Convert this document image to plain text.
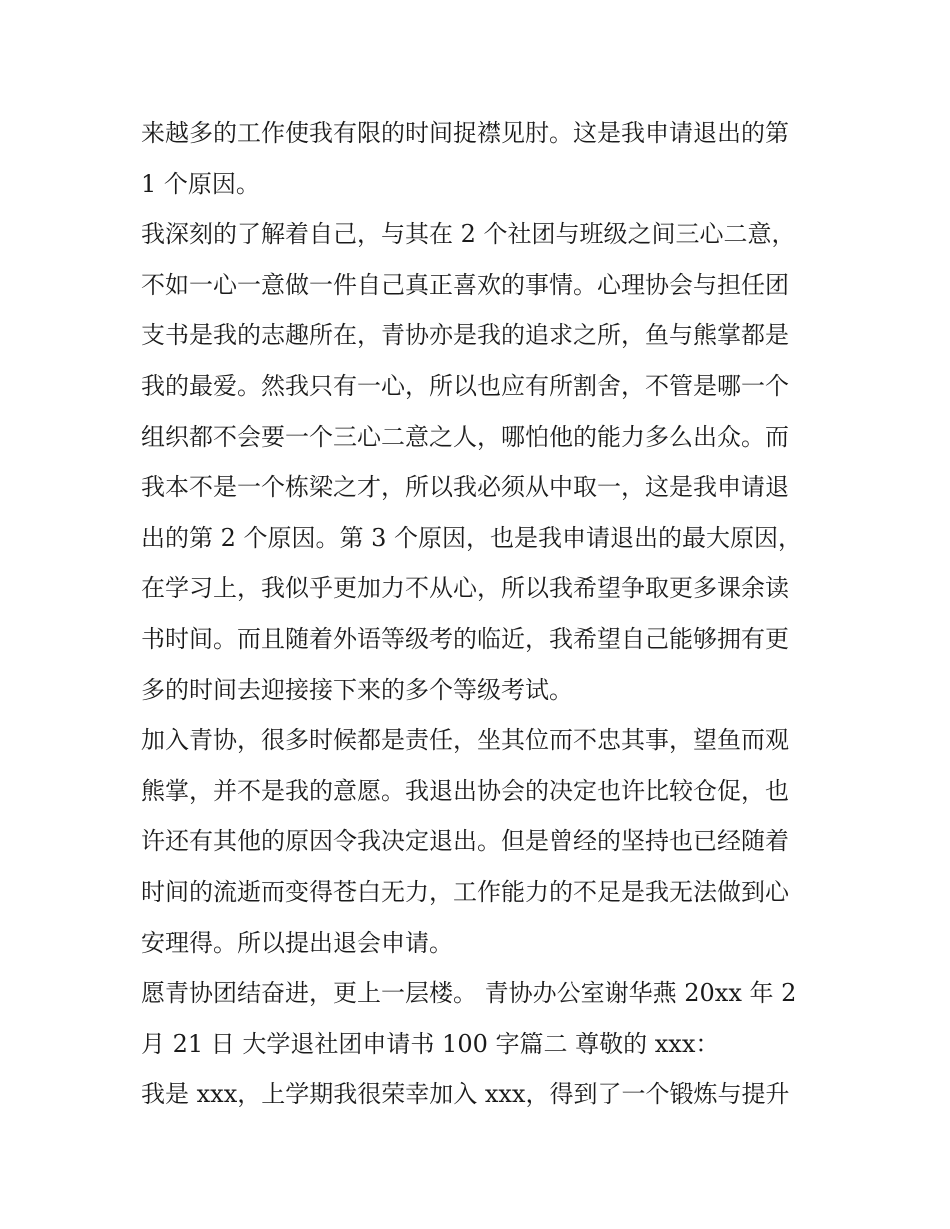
来越多的工作使我有限的时间捉襟见肘。这是我申请退出的第
1 个原因。
我深刻的了解着自己，与其在 2 个社团与班级之间三心二意，
不如一心一意做一件自己真正喜欢的事情。心理协会与担任团
支书是我的志趣所在，青协亦是我的追求之所，鱼与熊掌都是
我的最爱。然我只有一心，所以也应有所割舍，不管是哪一个
组织都不会要一个三心二意之人，哪怕他的能力多么出众。而
我本不是一个栋梁之才，所以我必须从中取一，这是我申请退
出的第 2 个原因。第 3 个原因，也是我申请退出的最大原因，
在学习上，我似乎更加力不从心，所以我希望争取更多课余读
书时间。而且随着外语等级考的临近，我希望自己能够拥有更
多的时间去迎接接下来的多个等级考试。
加入青协，很多时候都是责任，坐其位而不忠其事，望鱼而观
熊掌，并不是我的意愿。我退出协会的决定也许比较仓促，也
许还有其他的原因令我决定退出。但是曾经的坚持也已经随着
时间的流逝而变得苍白无力，工作能力的不足是我无法做到心
安理得。所以提出退会申请。
愿青协团结奋进，更上一层楼。 青协办公室谢华燕 20xx 年 2
月 21 日 大学退社团申请书 100 字篇二 尊敬的 xxx：
我是 xxx，上学期我很荣幸加入 xxx，得到了一个锻炼与提升
